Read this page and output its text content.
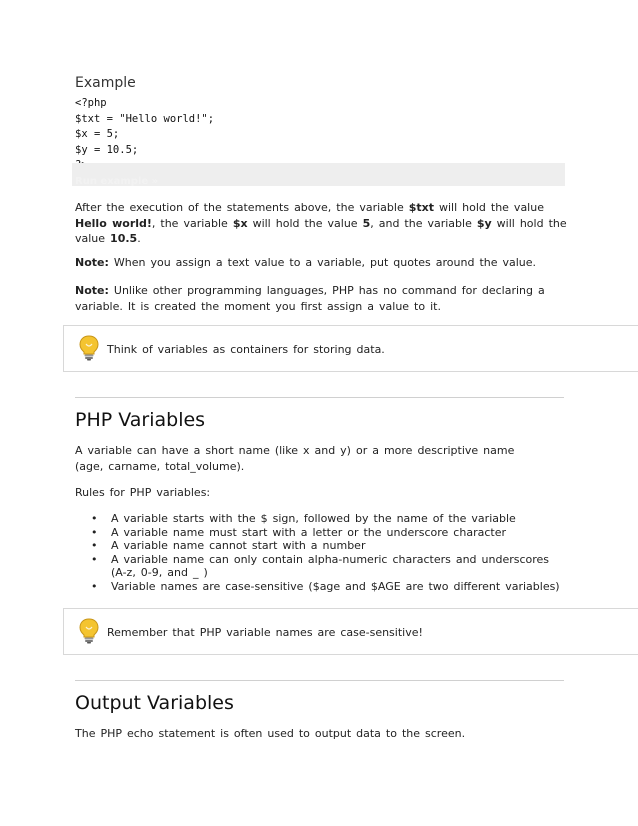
Example
<?php
$txt = "Hello world!";
$x = 5;
$y = 10.5;
Run example »
After the execution of the statements above, the variable $txt will hold the value Hello world!, the variable $x will hold the value 5, and the variable $y will hold the value 10.5.
Note: When you assign a text value to a variable, put quotes around the value.
Note: Unlike other programming languages, PHP has no command for declaring a variable. It is created the moment you first assign a value to it.
Think of variables as containers for storing data.
PHP Variables
A variable can have a short name (like x and y) or a more descriptive name (age, carname, total_volume).
Rules for PHP variables:
• A variable starts with the $ sign, followed by the name of the variable
• A variable name must start with a letter or the underscore character
• A variable name cannot start with a number
• A variable name can only contain alpha-numeric characters and underscores (A-z, 0-9, and _ )
• Variable names are case-sensitive ($age and $AGE are two different variables)
Remember that PHP variable names are case-sensitive!
Output Variables
The PHP echo statement is often used to output data to the screen.
